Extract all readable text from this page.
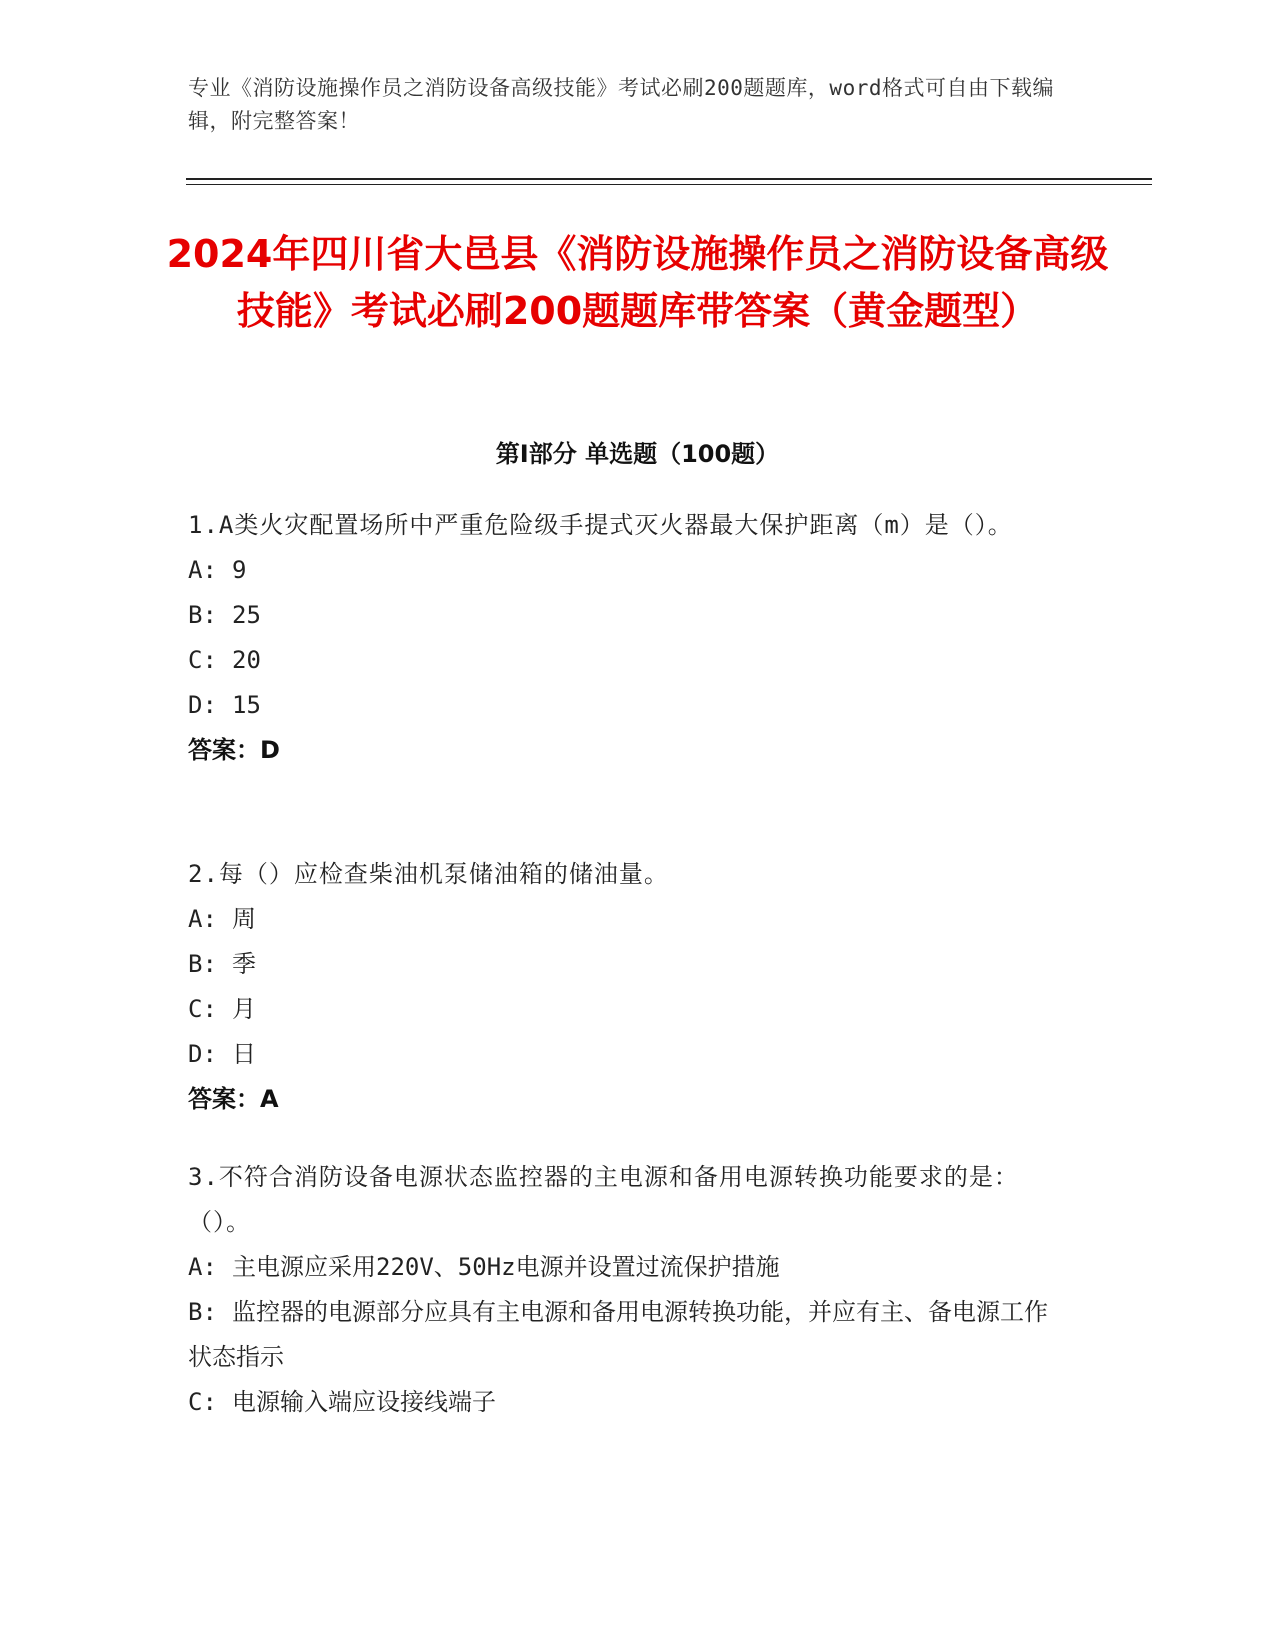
专业《消防设施操作员之消防设备高级技能》考试必刷200题题库，word格式可自由下载编辑，附完整答案！
2024年四川省大邑县《消防设施操作员之消防设备高级技能》考试必刷200题题库带答案（黄金题型）
第I部分 单选题（100题）
1.A类火灾配置场所中严重危险级手提式灭火器最大保护距离（m）是（）。
A: 9
B: 25
C: 20
D: 15
答案：D
2.每（）应检查柴油机泵储油箱的储油量。
A: 周
B: 季
C: 月
D: 日
答案：A
3.不符合消防设备电源状态监控器的主电源和备用电源转换功能要求的是：（）。
A: 主电源应采用220V、50Hz电源并设置过流保护措施
B: 监控器的电源部分应具有主电源和备用电源转换功能，并应有主、备电源工作状态指示
C: 电源输入端应设接线端子
